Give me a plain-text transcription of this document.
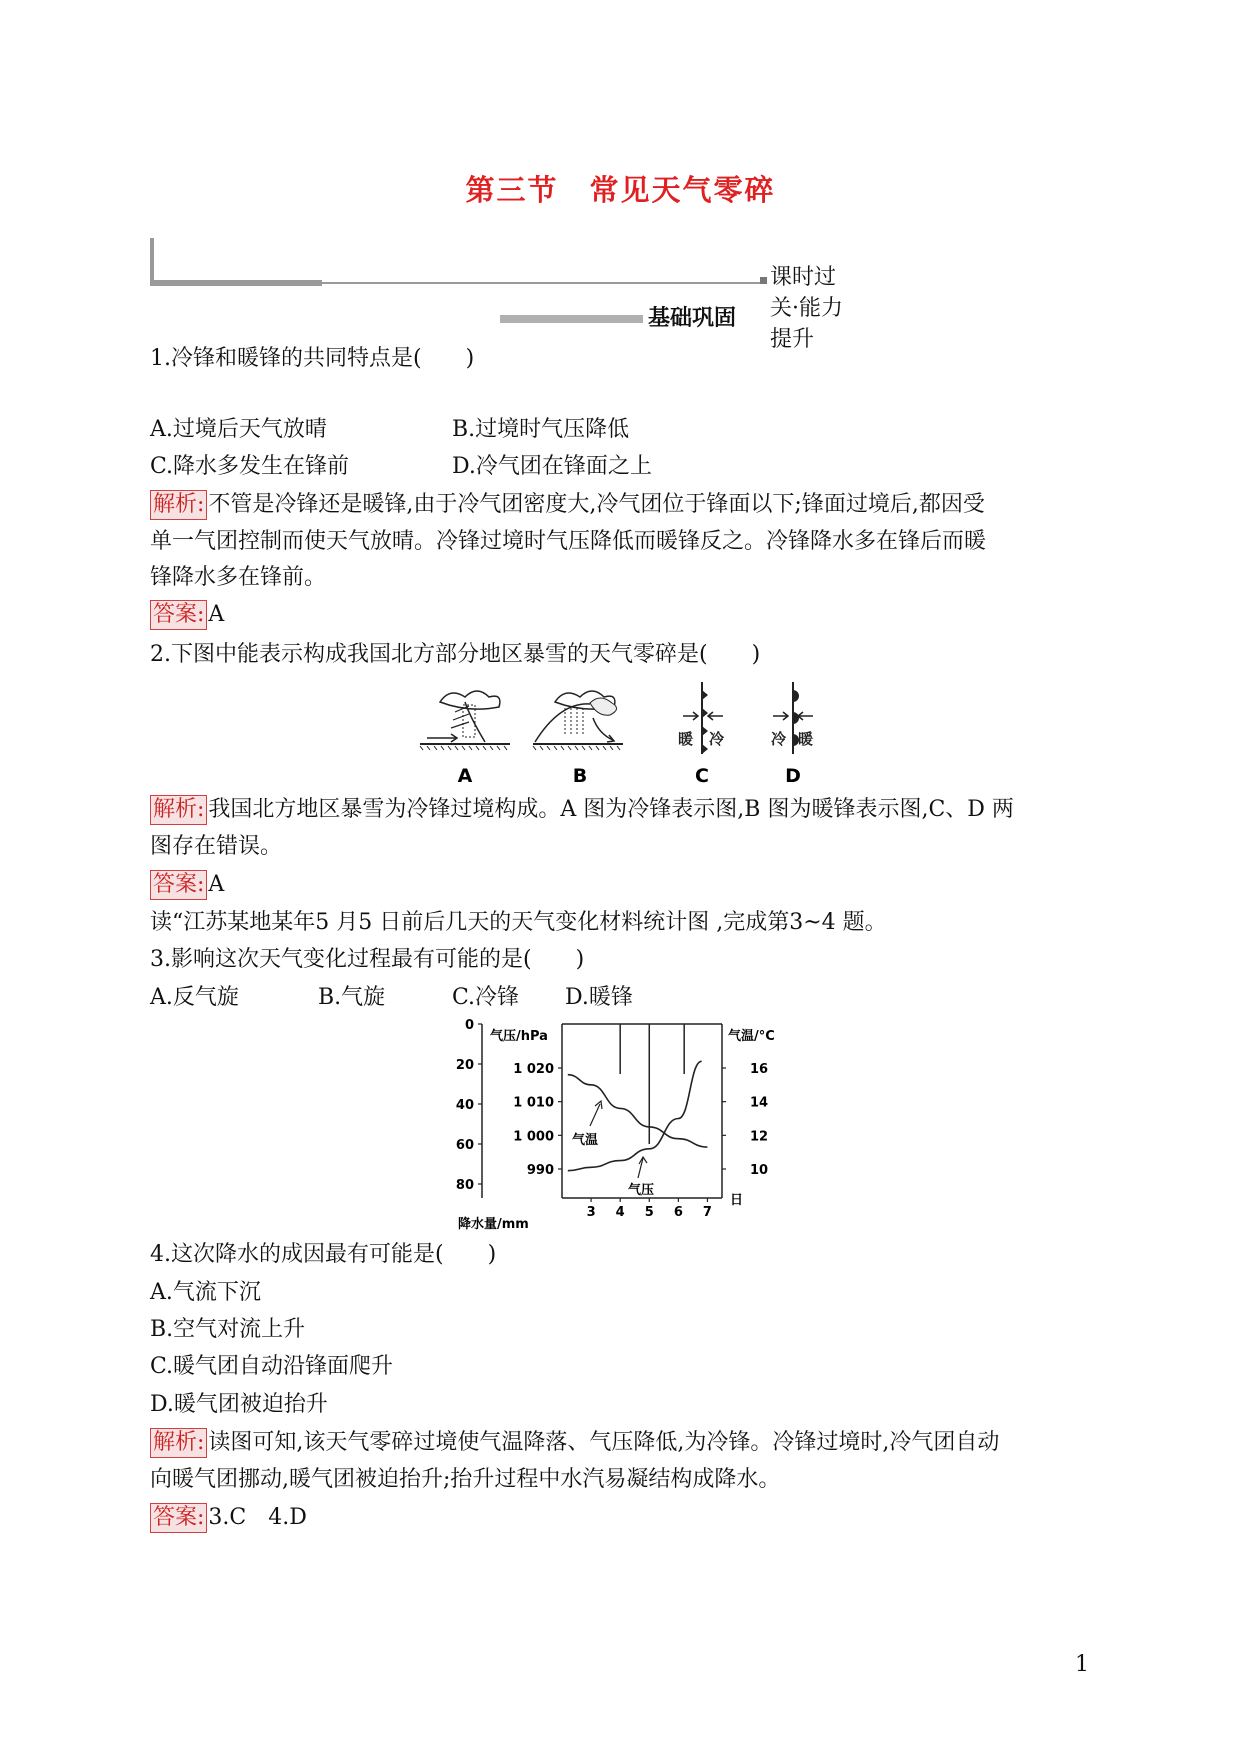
第三节　常见天气零碎
课时过关·能力提升
基础巩固
1.冷锋和暖锋的共同特点是(　　)
A.过境后天气放晴	B.过境时气压降低
C.降水多发生在锋前	D.冷气团在锋面之上
解析: 不管是冷锋还是暖锋,由于冷气团密度大,冷气团位于锋面以下;锋面过境后,都因受
单一气团控制而使天气放晴。冷锋过境时气压降低而暖锋反之。冷锋降水多在锋后而暖
锋降水多在锋前。
答案: A
2.下图中能表示构成我国北方部分地区暴雪的天气零碎是(　　)
暖 冷	冷 暖
A	B	C	D
解析: 我国北方地区暴雪为冷锋过境构成。A 图为冷锋表示图,B 图为暖锋表示图,C、D 两
图存在错误。
答案: A
读“江苏某地某年5 月5 日前后几天的天气变化材料统计图 ,完成第3~4 题。
3.影响这次天气变化过程最有可能的是(　　)
A.反气旋	B.气旋	C.冷锋 D.暖锋
降水量/mm
气压/hPa	气温/°C
日
0
20
40
60
80
1 020
1 010
1 000
990
16
14
12
10
3 4 5 6 7
气温
气压
4.这次降水的成因最有可能是(　　)
A.气流下沉
B.空气对流上升
C.暖气团自动沿锋面爬升
D.暖气团被迫抬升
解析: 读图可知,该天气零碎过境使气温降落、气压降低,为冷锋。冷锋过境时,冷气团自动
向暖气团挪动,暖气团被迫抬升;抬升过程中水汽易凝结构成降水。
答案: 3.C　4.D
1
